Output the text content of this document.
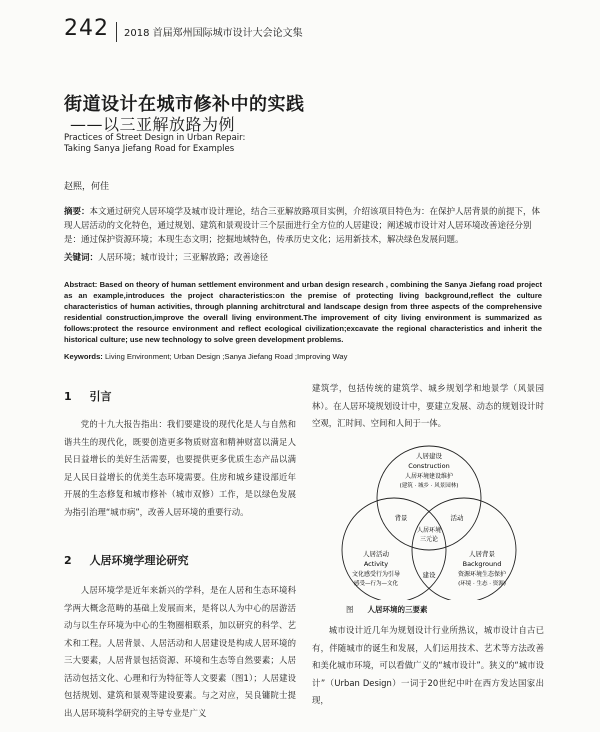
242 2018 首届郑州国际城市设计大会论文集
街道设计在城市修补中的实践
——以三亚解放路为例
Practices of Street Design in Urban Repair:
Taking Sanya Jiefang Road for Examples
赵熙，何佳
摘要：本文通过研究人居环境学及城市设计理论，结合三亚解放路项目实例，介绍该项目特色为：在保护人居背景的前提下，体现人居活动的文化特色，通过规划、建筑和景观设计三个层面进行全方位的人居建设；阐述城市设计对人居环境改善途径分别是：通过保护资源环境；本现生态文明；挖掘地域特色，传承历史文化；运用新技术，解决绿色发展问题。
关键词：人居环境；城市设计；三亚解放路；改善途径
Abstract: Based on theory of human settlement environment and urban design research , combining the Sanya Jiefang road project as an example,introduces the project characteristics:on the premise of protecting living background,reflect the culture characteristics of human activities, through planning architrctural and landscape design from three aspects of the comprehensive residential construction,improve the overall living environment.The improvement of city living environment is summarized as follows:protect the resource environment and reflect ecological civilization;excavate the regional characteristics and inherit the historical culture; use new technology to solve green development problems.
Keywords: Living Environment; Urban Design ;Sanya Jiefang Road ;Improving Way
1 引言

党的十九大报告指出：我们要建设的现代化是人与自然和谐共生的现代化，既要创造更多物质财富和精神财富以满足人民日益增长的美好生活需要，也要提供更多优质生态产品以满足人民日益增长的优美生态环境需要。住房和城乡建设部近年开展的生态修复和城市修补（城市双修）工作，是以绿色发展为指引治理“城市病”，改善人居环境的重要行动。

2 人居环境学理论研究

人居环境学是近年来新兴的学科，是在人居和生态环境科学两大概念范畴的基础上发展而来，是将以人为中心的居游活动与以生存环境为中心的生物圈相联系，加以研究的科学、艺术和工程。人居背景、人居活动和人居建设是构成人居环境的三大要素，人居背景包括资源、环境和生态等自然要素；人居活动包括文化、心理和行为特征等人文要素（图1）；人居建设包括规划、建筑和景观等建设要素。与之对应，吴良镛院士提出人居环境科学研究的主导专业是广义

建筑学，包括传统的建筑学、城乡规划学和地景学（风景园林）。在人居环境规划设计中，要建立发展、动态的规划设计时空观，汇时间、空间和人间于一体。

人居建设
Construction
人居环境建设维护
(建筑 · 城乡 · 风景园林)
人居活动
Activity
文化感受行为引导
感受—行为—文化
人居背景
Background
资源环境生态保护
(环境 · 生态 · 资源)
背景	活动
建设
人居环境
三元论
图 人居环境的三要素

城市设计近几年为规划设计行业所热议，城市设计自古已有，伴随城市的诞生和发展，人们运用技术、艺术等方法改善和美化城市环境，可以看做广义的“城市设计”。狭义的“城市设计”（Urban Design）一词于20世纪中叶在西方发达国家出现，
